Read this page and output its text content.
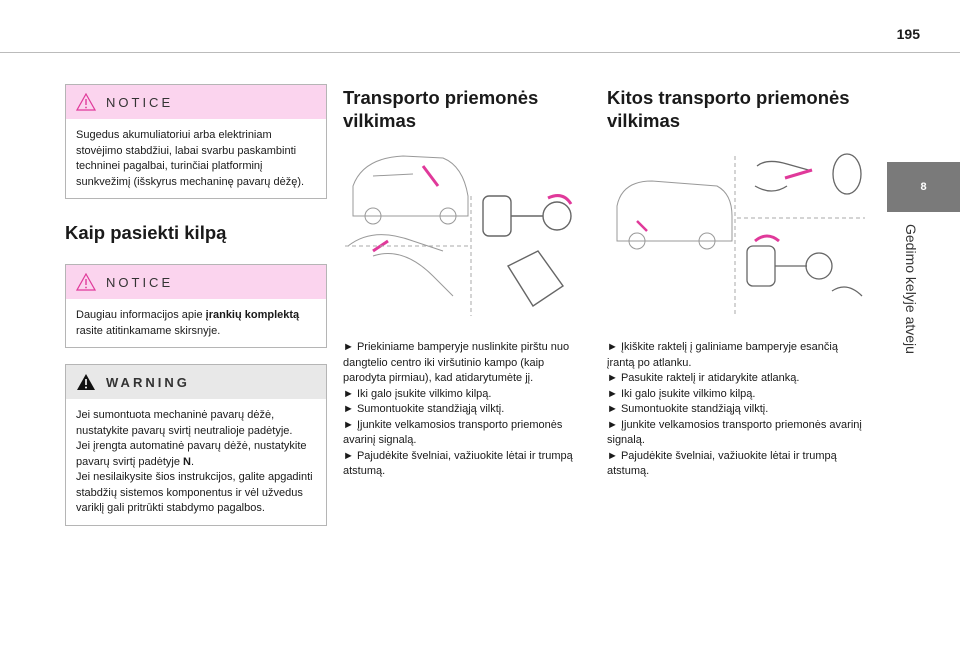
195
8
Gedimo kelyje atveju
NOTICE
Sugedus akumuliatoriui arba elektriniam stovėjimo stabdžiui, labai svarbu paskambinti techninei pagalbai, turinčiai platforminį sunkvežimį (išskyrus mechaninę pavarų dėžę).
Kaip pasiekti kilpą
NOTICE
Daugiau informacijos apie įrankių komplektą rasite atitinkamame skirsnyje.
WARNING

Jei sumontuota mechaninė pavarų dėžė, nustatykite pavarų svirtį neutralioje padėtyje.

Jei įrengta automatinė pavarų dėžė, nustatykite pavarų svirtį padėtyje N.

Jei nesilaikysite šios instrukcijos, galite apgadinti stabdžių sistemos komponentus ir vėl užvedus variklį gali pritrūkti stabdymo pagalbos.

Transporto priemonės vilkimas

► Priekiniame bamperyje nuslinkite pirštu nuo dangtelio centro iki viršutinio kampo (kaip parodyta pirmiau), kad atidarytumėte jį.

► Iki galo įsukite vilkimo kilpą.

► Sumontuokite standžiąją vilktį.

► Įjunkite velkamosios transporto priemonės avarinį signalą.

► Pajudėkite švelniai, važiuokite lėtai ir trumpą atstumą.

Kitos transporto priemonės vilkimas

► Įkiškite raktelį į galiniame bamperyje esančią įrantą po atlanku.

► Pasukite raktelį ir atidarykite atlanką.

► Iki galo įsukite vilkimo kilpą.

► Sumontuokite standžiąją vilktį.

► Įjunkite velkamosios transporto priemonės avarinį signalą.

► Pajudėkite švelniai, važiuokite lėtai ir trumpą atstumą.
